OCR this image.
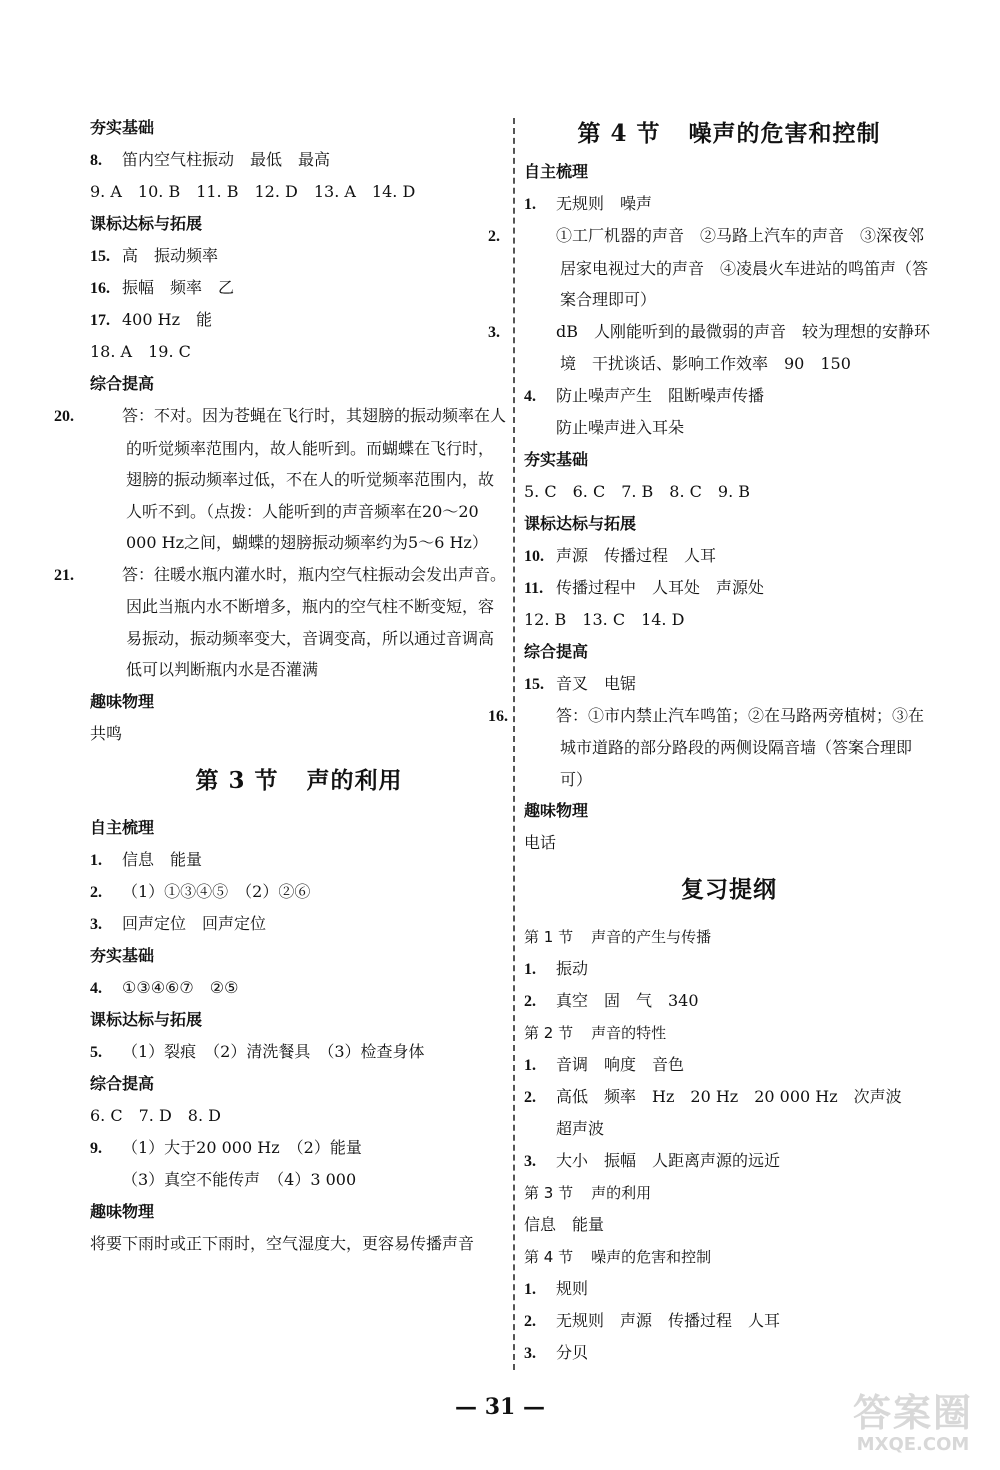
夯实基础
8. 笛内空气柱振动　最低　最高
9. A　10. B　11. B　12. D　13. A　14. D
课标达标与拓展
15. 高　振动频率
16. 振幅　频率　乙
17. 400 Hz　能
18. A　19. C
综合提高
20.	答：不对。因为苍蝇在飞行时，其翅膀的振动频率在人的听觉频率范围内，故人能听到。而蝴蝶在飞行时，翅膀的振动频率过低，不在人的听觉频率范围内，故人听不到。（点拨：人能听到的声音频率在20～20 000 Hz之间，蝴蝶的翅膀振动频率约为5～6 Hz）
21.	答：往暖水瓶内灌水时，瓶内空气柱振动会发出声音。因此当瓶内水不断增多，瓶内的空气柱不断变短，容易振动，振动频率变大，音调变高，所以通过音调高低可以判断瓶内水是否灌满
趣味物理
共鸣
第 3 节 声的利用
自主梳理
1. 信息　能量
2. （1）①③④⑤　（2）②⑥
3. 回声定位　回声定位
夯实基础
4. ①③④⑥⑦　②⑤
课标达标与拓展
5. （1）裂痕　（2）清洗餐具　（3）检查身体
综合提高
6. C　7. D　8. D
9. （1）大于20 000 Hz　（2）能量
（3）真空不能传声　（4）3 000
趣味物理
将要下雨时或正下雨时，空气湿度大，更容易传播声音
第 4 节 噪声的危害和控制
自主梳理
1. 无规则　噪声
2.	①工厂机器的声音　②马路上汽车的声音　③深夜邻居家电视过大的声音　④凌晨火车进站的鸣笛声（答案合理即可）
3.	dB　人刚能听到的最微弱的声音　较为理想的安静环境　干扰谈话、影响工作效率　90　150
4. 防止噪声产生　阻断噪声传播
防止噪声进入耳朵
夯实基础
5. C　6. C　7. B　8. C　9. B
课标达标与拓展
10. 声源　传播过程　人耳
11. 传播过程中　人耳处　声源处
12. B　13. C　14. D
综合提高
15. 音叉　电锯
16.	答：①市内禁止汽车鸣笛；②在马路两旁植树；③在城市道路的部分路段的两侧设隔音墙（答案合理即可）
趣味物理
电话
复习提纲
第 1 节 声音的产生与传播
1. 振动
2. 真空　固　气　340
第 2 节 声音的特性
1. 音调　响度　音色
2. 高低　频率　Hz　20 Hz　20 000 Hz　次声波
超声波
3. 大小　振幅　人距离声源的远近
第 3 节 声的利用
信息　能量
第 4 节 噪声的危害和控制
1. 规则
2. 无规则　声源　传播过程　人耳
3. 分贝
— 31 —	答案圈
MXQE.COM
